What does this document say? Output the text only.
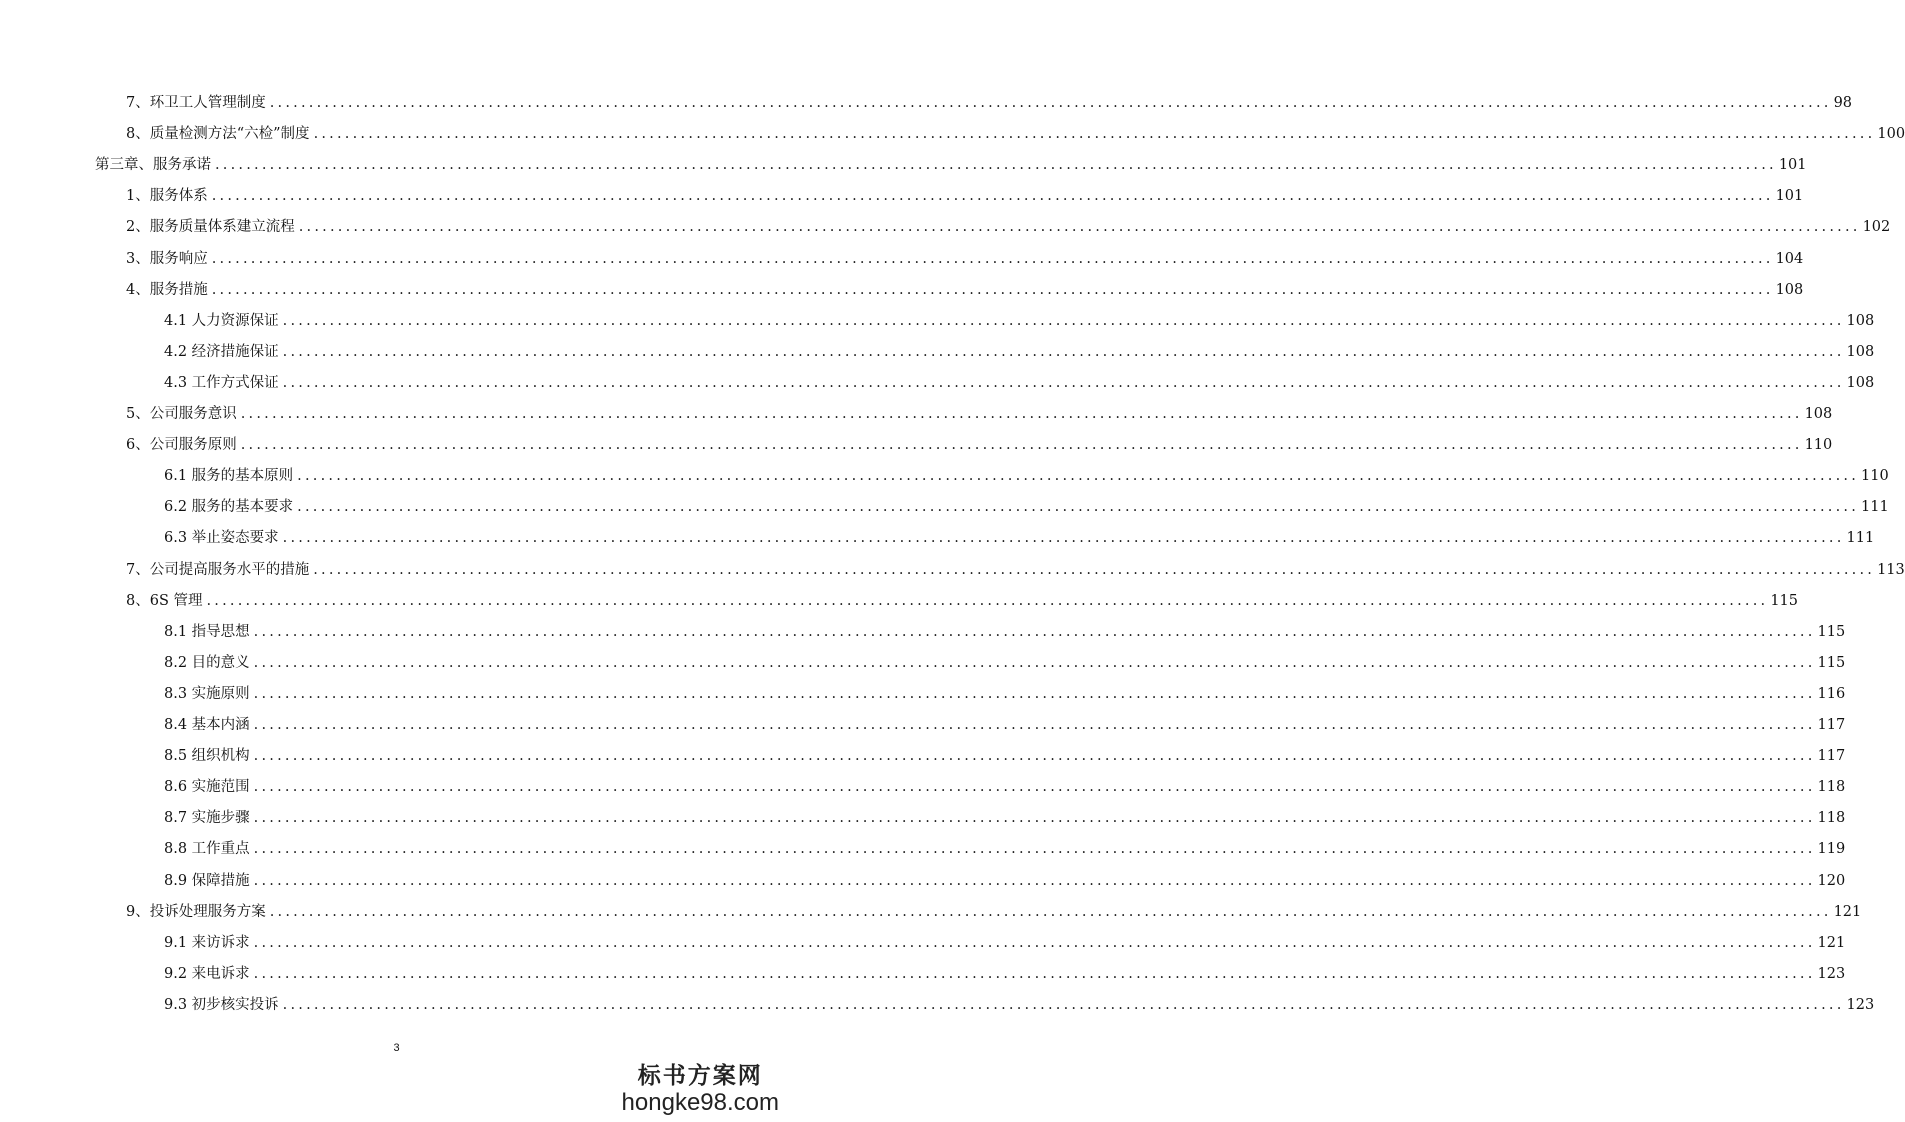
7、环卫工人管理制度 ........................................................................................................................................................................................................ 98
8、质量检测方法“六检”制度 ........................................................................................................................................................................................................ 100
第三章、服务承诺 ........................................................................................................................................................................................................ 101
1、服务体系 ........................................................................................................................................................................................................ 101
2、服务质量体系建立流程 ........................................................................................................................................................................................................ 102
3、服务响应 ........................................................................................................................................................................................................ 104
4、服务措施 ........................................................................................................................................................................................................ 108
4.1 人力资源保证 ........................................................................................................................................................................................................ 108
4.2 经济措施保证 ........................................................................................................................................................................................................ 108
4.3 工作方式保证 ........................................................................................................................................................................................................ 108
5、公司服务意识 ........................................................................................................................................................................................................ 108
6、公司服务原则 ........................................................................................................................................................................................................ 110
6.1 服务的基本原则 ........................................................................................................................................................................................................ 110
6.2 服务的基本要求 ........................................................................................................................................................................................................ 111
6.3 举止姿态要求 ........................................................................................................................................................................................................ 111
7、公司提高服务水平的措施 ........................................................................................................................................................................................................ 113
8、6S 管理 ........................................................................................................................................................................................................ 115
8.1 指导思想 ........................................................................................................................................................................................................ 115
8.2 目的意义 ........................................................................................................................................................................................................ 115
8.3 实施原则 ........................................................................................................................................................................................................ 116
8.4 基本内涵 ........................................................................................................................................................................................................ 117
8.5 组织机构 ........................................................................................................................................................................................................ 117
8.6 实施范围 ........................................................................................................................................................................................................ 118
8.7 实施步骤 ........................................................................................................................................................................................................ 118
8.8 工作重点 ........................................................................................................................................................................................................ 119
8.9 保障措施 ........................................................................................................................................................................................................ 120
9、投诉处理服务方案 ........................................................................................................................................................................................................ 121
9.1 来访诉求 ........................................................................................................................................................................................................ 121
9.2 来电诉求 ........................................................................................................................................................................................................ 123
9.3 初步核实投诉 ........................................................................................................................................................................................................ 123
3
标书方案网
hongke98.com
